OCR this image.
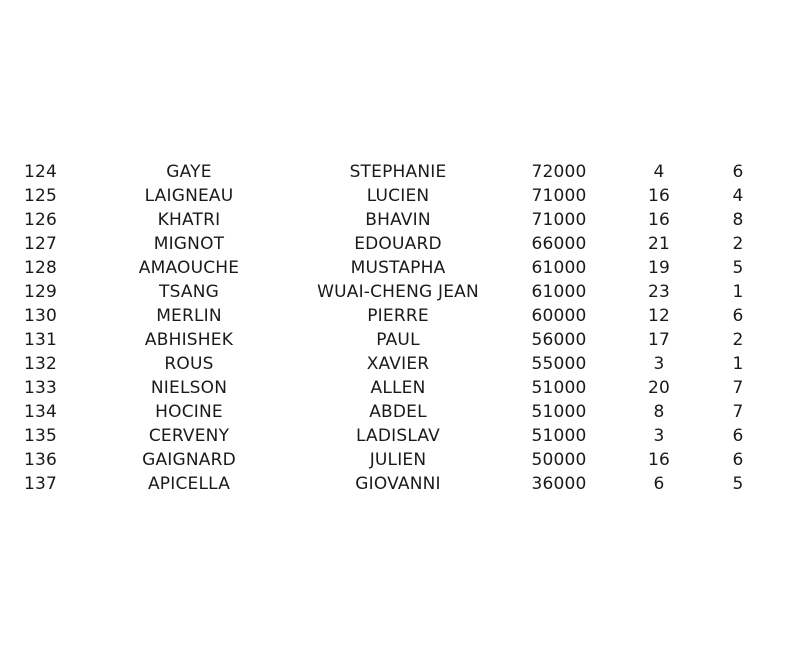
124	GAYE	STEPHANIE	72000	4	6
125	LAIGNEAU	LUCIEN	71000	16	4
126	KHATRI	BHAVIN	71000	16	8
127	MIGNOT	EDOUARD	66000	21	2
128	AMAOUCHE	MUSTAPHA	61000	19	5
129	TSANG	WUAI-CHENG JEAN	61000	23	1
130	MERLIN	PIERRE	60000	12	6
131	ABHISHEK	PAUL	56000	17	2
132	ROUS	XAVIER	55000	3	1
133	NIELSON	ALLEN	51000	20	7
134	HOCINE	ABDEL	51000	8	7
135	CERVENY	LADISLAV	51000	3	6
136	GAIGNARD	JULIEN	50000	16	6
137	APICELLA	GIOVANNI	36000	6	5
